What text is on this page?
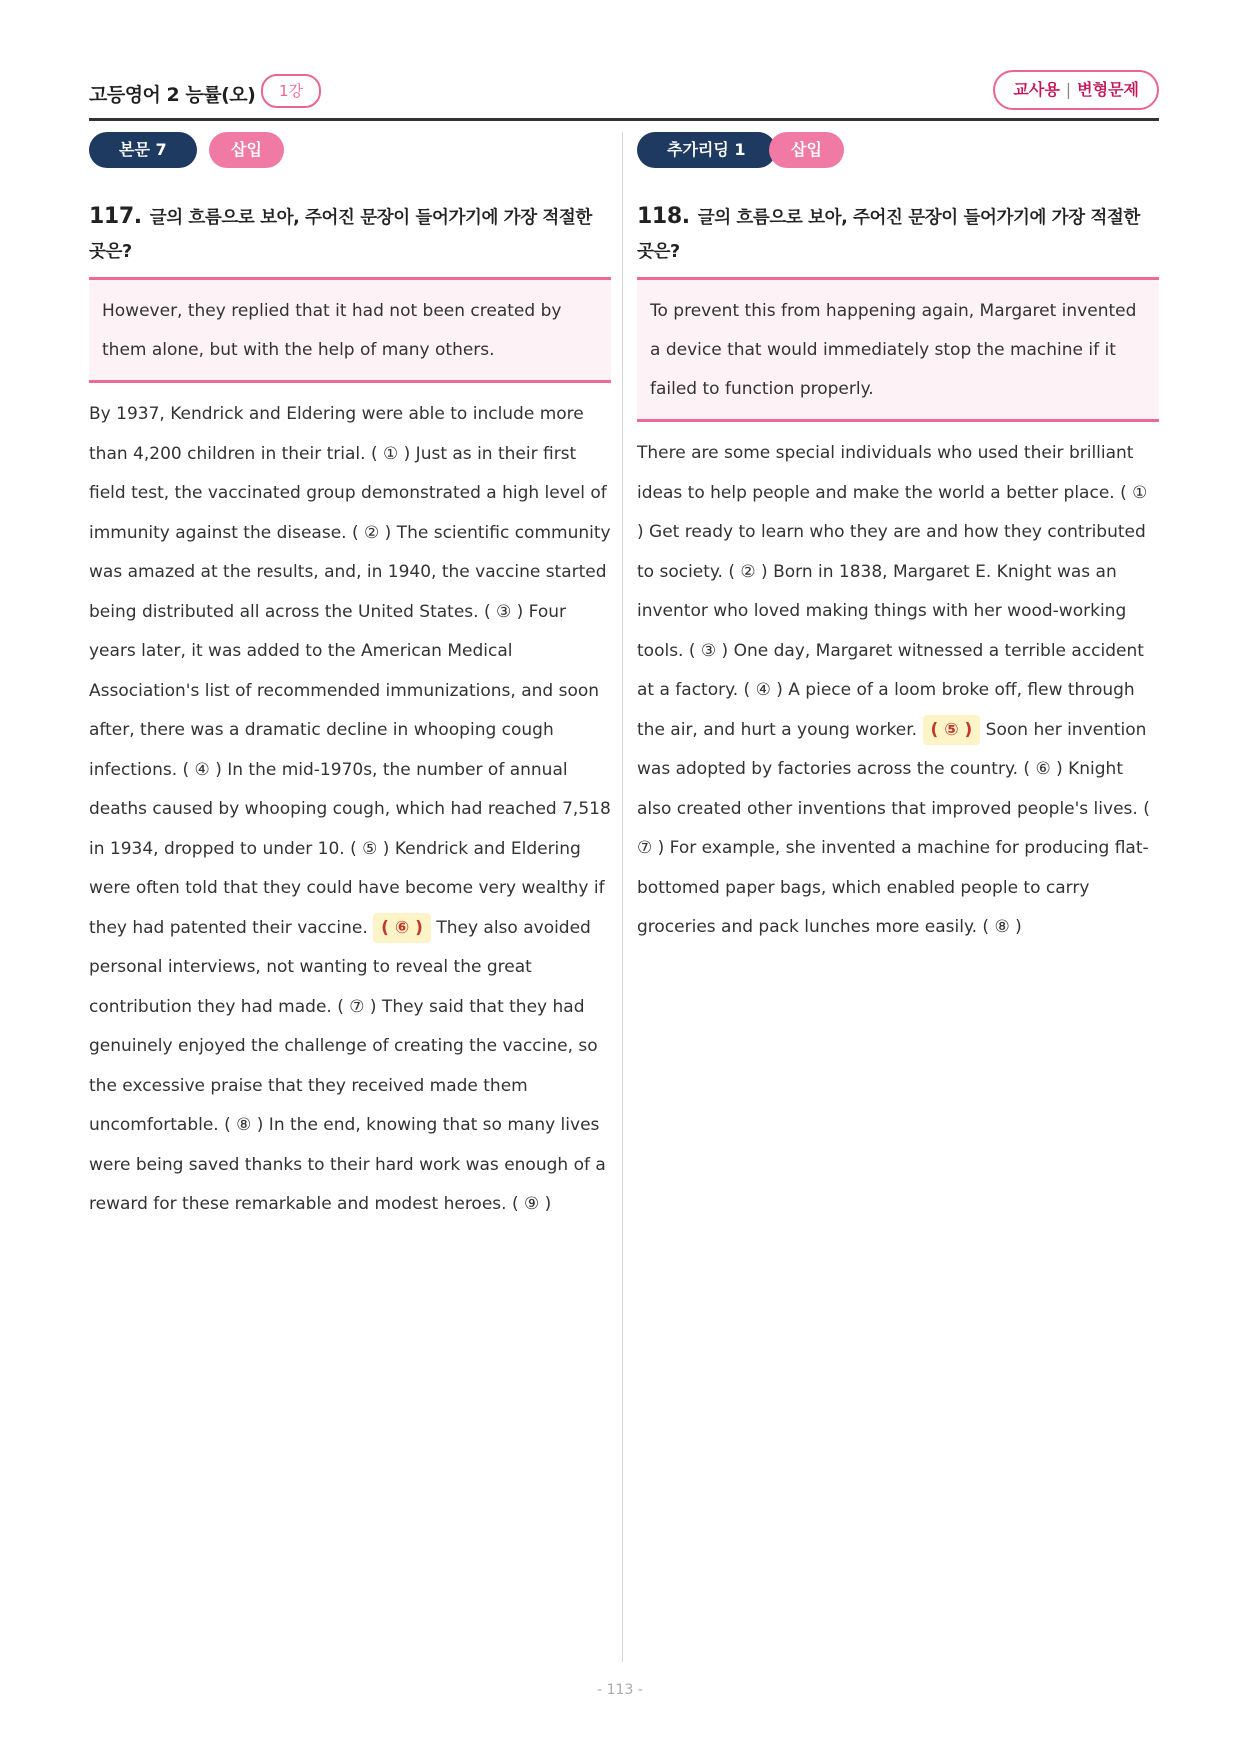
고등영어 2 능률(오)	1강	교사용 | 변형문제
본문 7	삽입
117. 글의 흐름으로 보아, 주어진 문장이 들어가기에 가장 적절한 곳은?
However, they replied that it had not been created by them alone, but with the help of many others.
By 1937, Kendrick and Eldering were able to include more than 4,200 children in their trial. ( ① ) Just as in their first field test, the vaccinated group demonstrated a high level of immunity against the disease. ( ② ) The scientific community was amazed at the results, and, in 1940, the vaccine started being distributed all across the United States. ( ③ ) Four years later, it was added to the American Medical Association's list of recommended immunizations, and soon after, there was a dramatic decline in whooping cough infections. ( ④ ) In the mid-1970s, the number of annual deaths caused by whooping cough, which had reached 7,518 in 1934, dropped to under 10. ( ⑤ ) Kendrick and Eldering were often told that they could have become very wealthy if they had patented their vaccine. ( ⑥ ) They also avoided personal interviews, not wanting to reveal the great contribution they had made. ( ⑦ ) They said that they had genuinely enjoyed the challenge of creating the vaccine, so the excessive praise that they received made them uncomfortable. ( ⑧ ) In the end, knowing that so many lives were being saved thanks to their hard work was enough of a reward for these remarkable and modest heroes. ( ⑨ )
추가리딩 1	삽입
118. 글의 흐름으로 보아, 주어진 문장이 들어가기에 가장 적절한 곳은?
To prevent this from happening again, Margaret invented a device that would immediately stop the machine if it failed to function properly.
There are some special individuals who used their brilliant ideas to help people and make the world a better place. ( ① ) Get ready to learn who they are and how they contributed to society. ( ② ) Born in 1838, Margaret E. Knight was an inventor who loved making things with her wood-working tools. ( ③ ) One day, Margaret witnessed a terrible accident at a factory. ( ④ ) A piece of a loom broke off, flew through the air, and hurt a young worker. ( ⑤ ) Soon her invention was adopted by factories across the country. ( ⑥ ) Knight also created other inventions that improved people's lives. ( ⑦ ) For example, she invented a machine for producing flat-bottomed paper bags, which enabled people to carry groceries and pack lunches more easily. ( ⑧ )
- 113 -
